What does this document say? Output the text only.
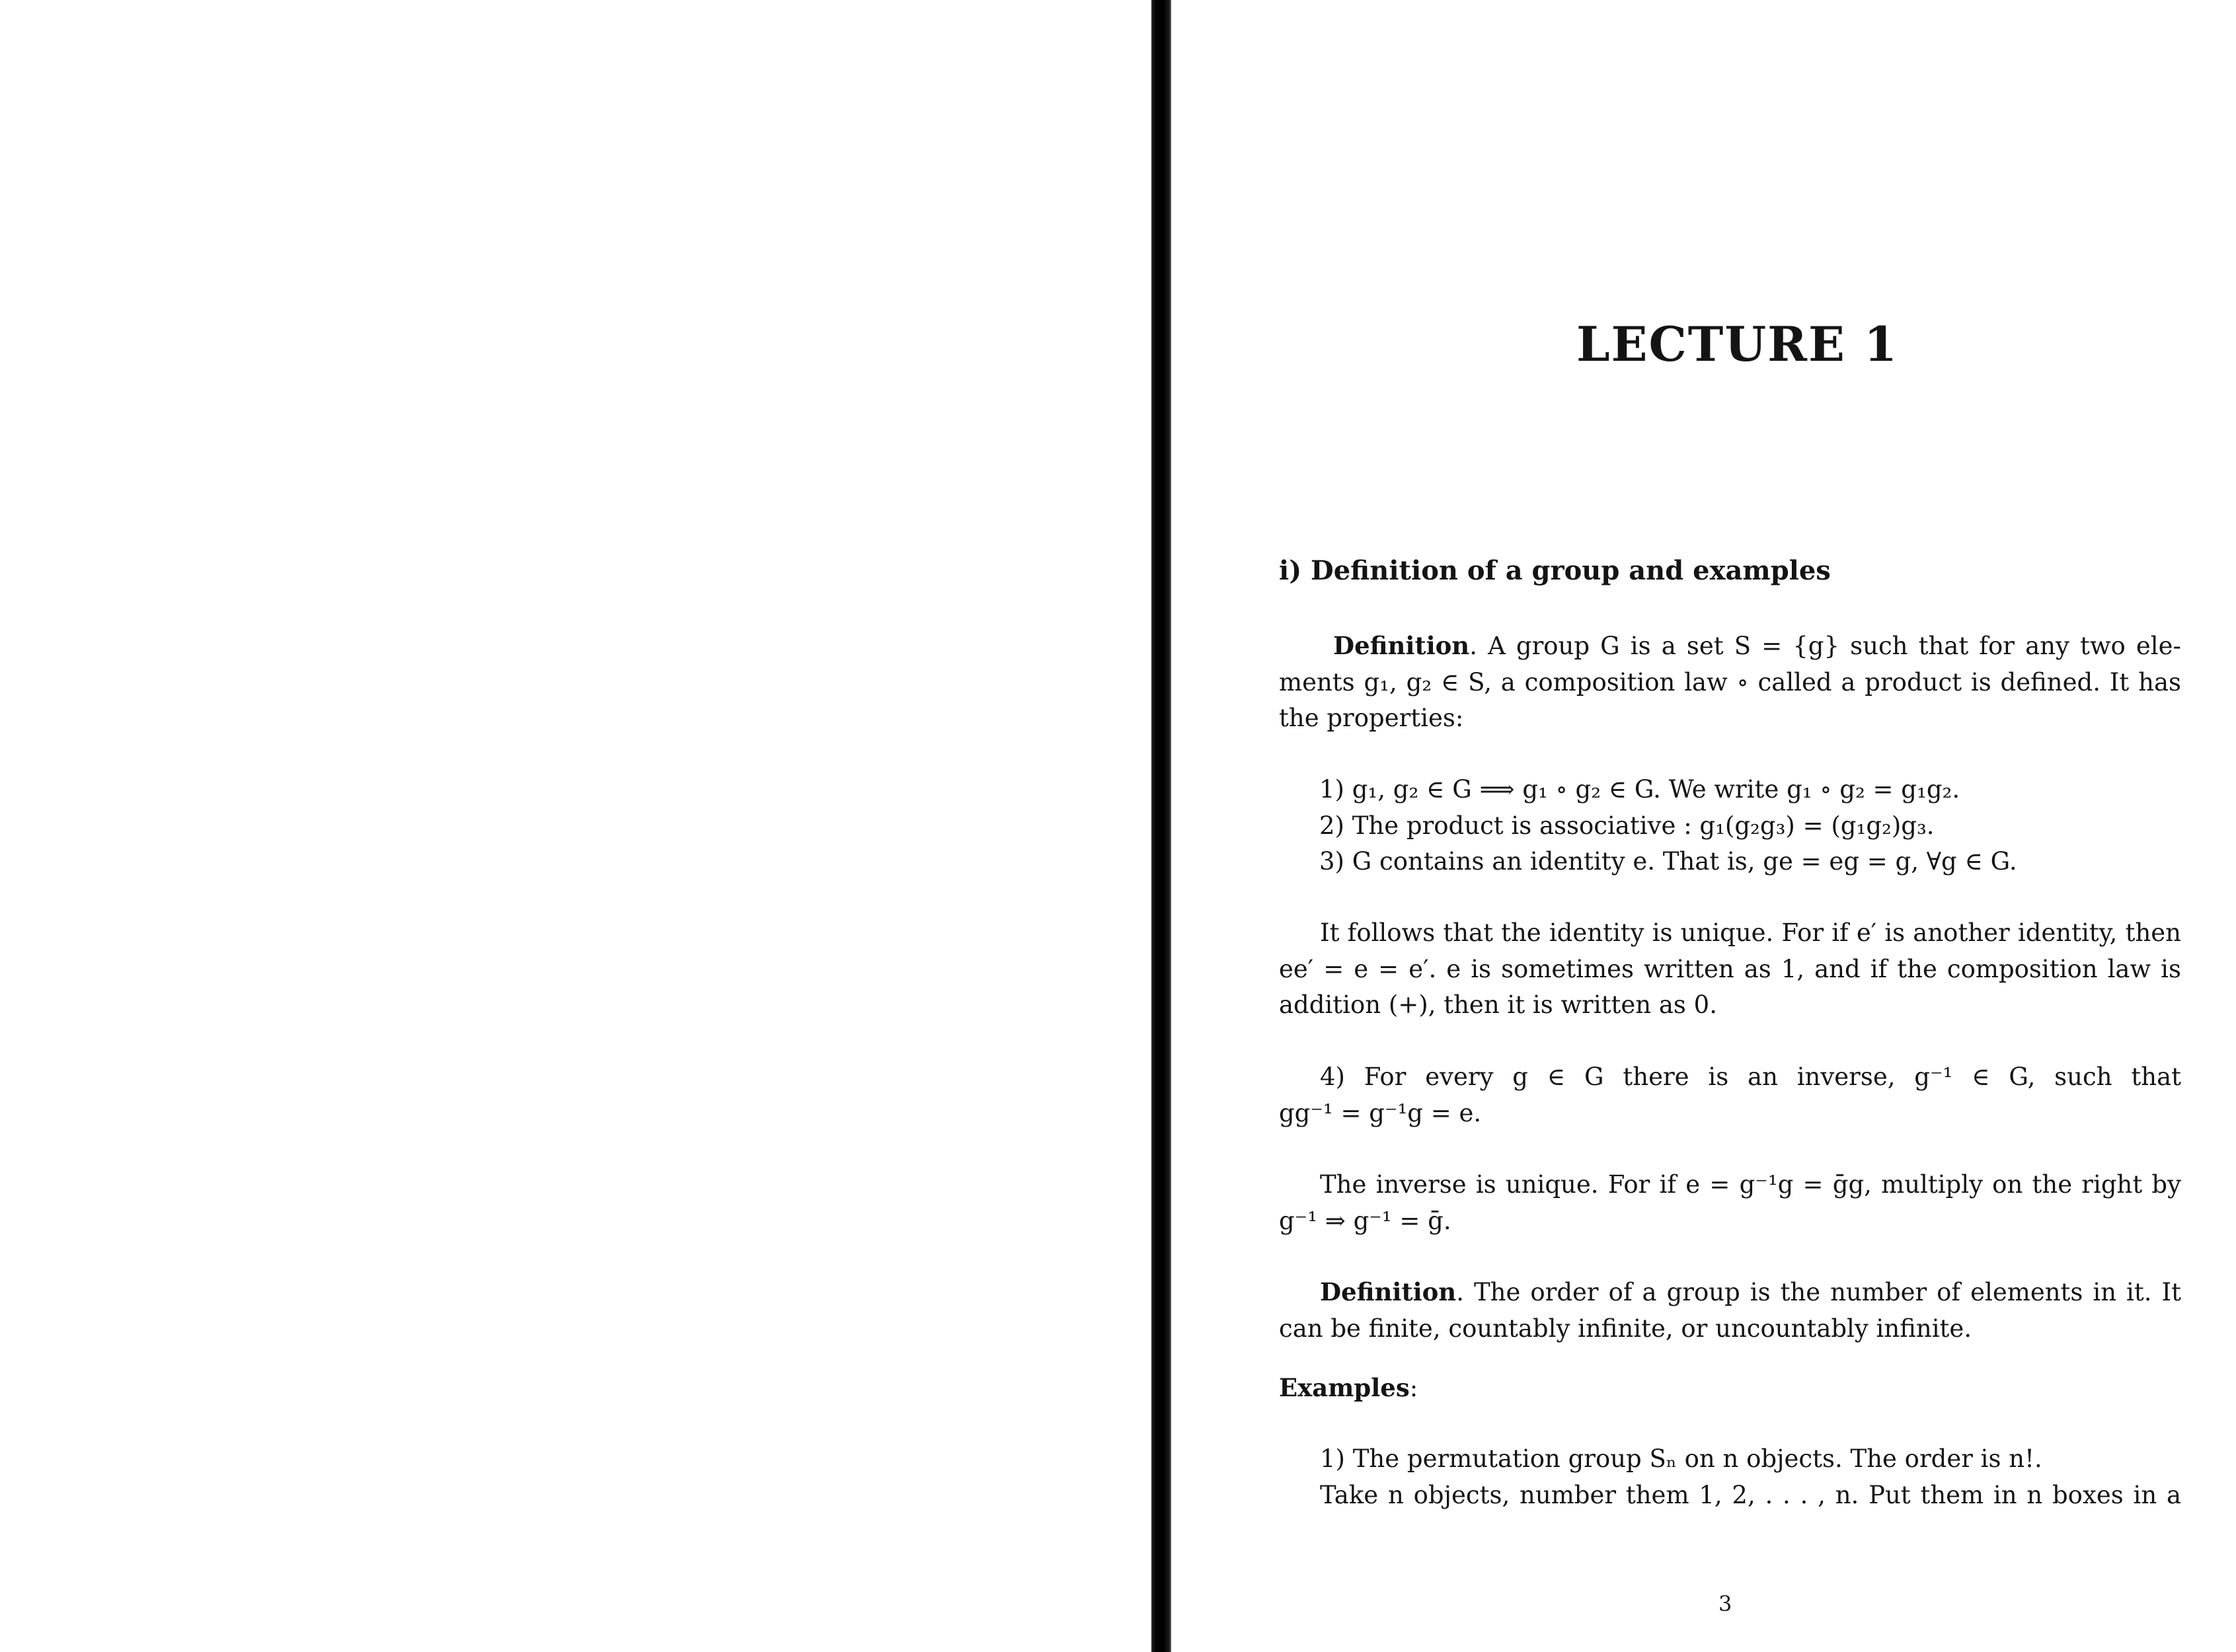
LECTURE 1
i) Definition of a group and examples
Definition. A group G is a set S = {g} such that for any two ele-
ments g₁, g₂ ∈ S, a composition law ∘ called a product is defined. It has
the properties:
1) g₁, g₂ ∈ G ⟹ g₁ ∘ g₂ ∈ G. We write g₁ ∘ g₂ = g₁g₂.
2) The product is associative : g₁(g₂g₃) = (g₁g₂)g₃.
3) G contains an identity e. That is, ge = eg = g, ∀g ∈ G.
It follows that the identity is unique. For if e′ is another identity, then
ee′ = e = e′. e is sometimes written as 1, and if the composition law is
addition (+), then it is written as 0.
4) For every g ∈ G there is an inverse, g⁻¹ ∈ G, such that
gg⁻¹ = g⁻¹g = e.
The inverse is unique. For if e = g⁻¹g = ḡg, multiply on the right by
g⁻¹ ⇒ g⁻¹ = ḡ.
Definition. The order of a group is the number of elements in it. It
can be finite, countably infinite, or uncountably infinite.
Examples:
1) The permutation group Sₙ on n objects. The order is n!.
Take n objects, number them 1, 2, . . . , n. Put them in n boxes in a
3
